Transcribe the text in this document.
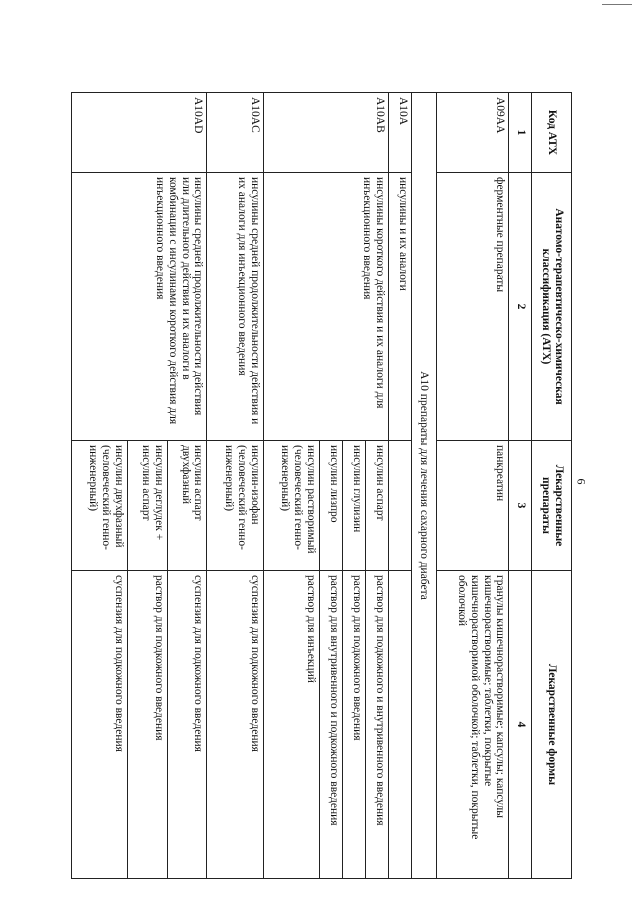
6
Код АТХ	Анатомо-терапевтическо-химическая классификация (АТХ)	Лекарственные препараты	Лекарственные формы
1	2	3	4
A09AA	ферментные препараты	панкреатин	гранулы кишечнорастворимые; капсулы; капсулы кишечнорастворимые; таблетки, покрытые кишечнорастворимой оболочкой; таблетки, покрытые оболочкой
A10 препараты для лечения сахарного диабета			
A10A	инсулины и их аналоги		
A10AB	инсулины короткого действия и их аналоги для инъекционного введения	инсулин аспарт	раствор для подкожного и внутривенного введения
		инсулин глулизин	раствор для подкожного введения
		инсулин лизпро	раствор для внутривенного и подкожного введения
		инсулин растворимый (человеческий генно-инженерный)	раствор для инъекций
A10AC	инсулины средней продолжительности действия и их аналоги для инъекционного введения	инсулин-изофан (человеческий генно-инженерный)	суспензия для подкожного введения
A10AD	инсулины средней продолжительности действия или длительного действия и их аналоги в комбинации с инсулинами короткого действия для инъекционного введения	инсулин аспарт двухфазный	суспензия для подкожного введения
		инсулин деглудек + инсулин аспарт	раствор для подкожного введения
		инсулин двухфазный (человеческий генно-инженерный)	суспензия для подкожного введения
